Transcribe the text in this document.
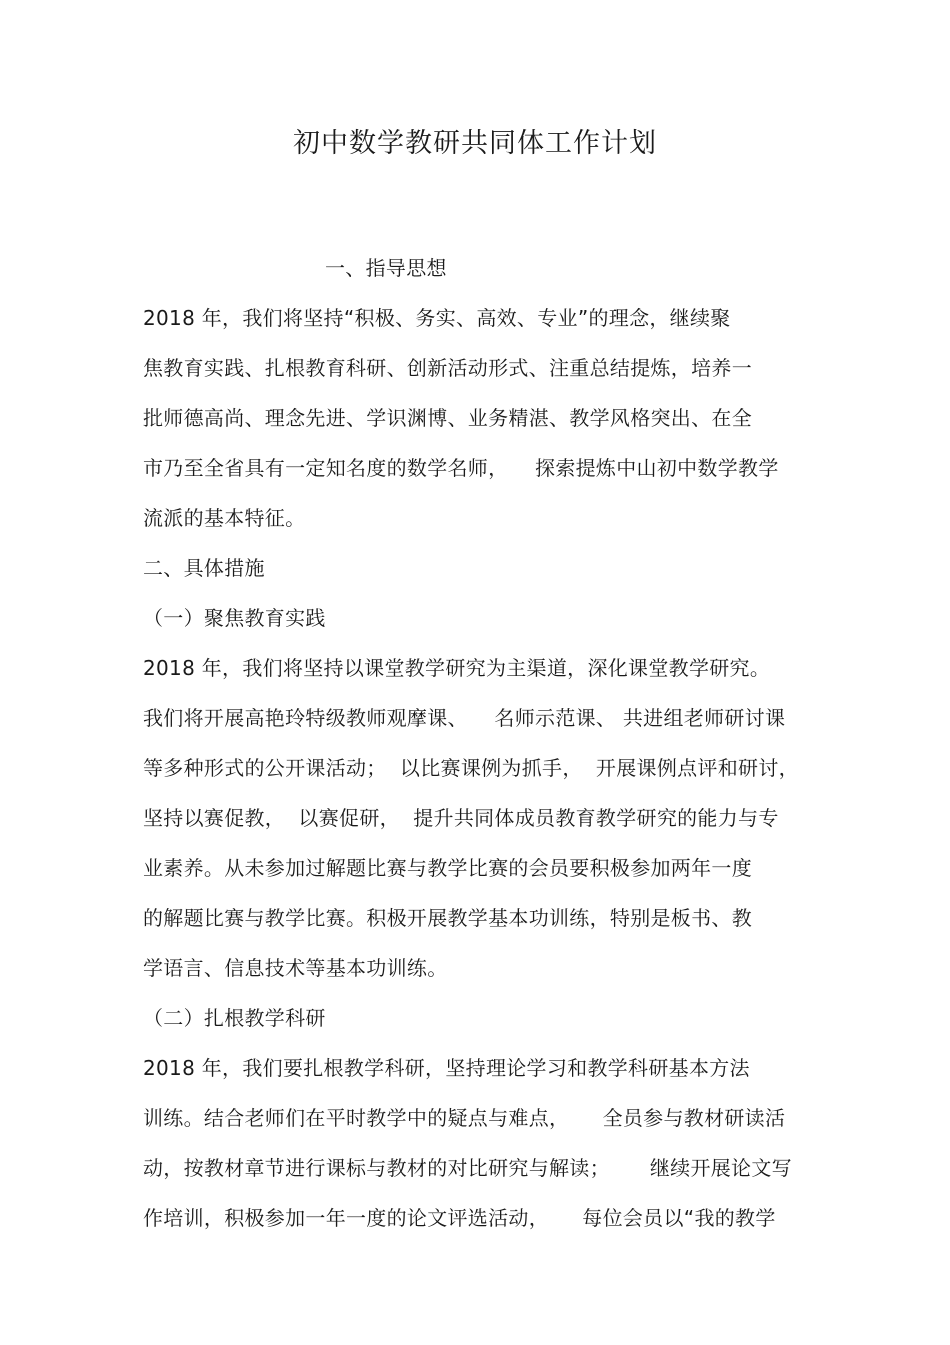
初中数学教研共同体工作计划
一、指导思想
2018 年，我们将坚持“积极、务实、高效、专业”的理念，继续聚
焦教育实践、扎根教育科研、创新活动形式、注重总结提炼，培养一
批师德高尚、理念先进、学识渊博、业务精湛、教学风格突出、在全
市乃至全省具有一定知名度的数学名师，    探索提炼中山初中数学教学
流派的基本特征。
二、具体措施
（一）聚焦教育实践
2018 年，我们将坚持以课堂教学研究为主渠道，深化课堂教学研究。
我们将开展高艳玲特级教师观摩课、    名师示范课、 共进组老师研讨课
等多种形式的公开课活动；  以比赛课例为抓手，  开展课例点评和研讨，
坚持以赛促教，  以赛促研，  提升共同体成员教育教学研究的能力与专
业素养。从未参加过解题比赛与教学比赛的会员要积极参加两年一度
的解题比赛与教学比赛。积极开展教学基本功训练，特别是板书、教
学语言、信息技术等基本功训练。
（二）扎根教学科研
2018 年，我们要扎根教学科研，坚持理论学习和教学科研基本方法
训练。结合老师们在平时教学中的疑点与难点，     全员参与教材研读活
动，按教材章节进行课标与教材的对比研究与解读；      继续开展论文写
作培训，积极参加一年一度的论文评选活动，     每位会员以“我的教学
